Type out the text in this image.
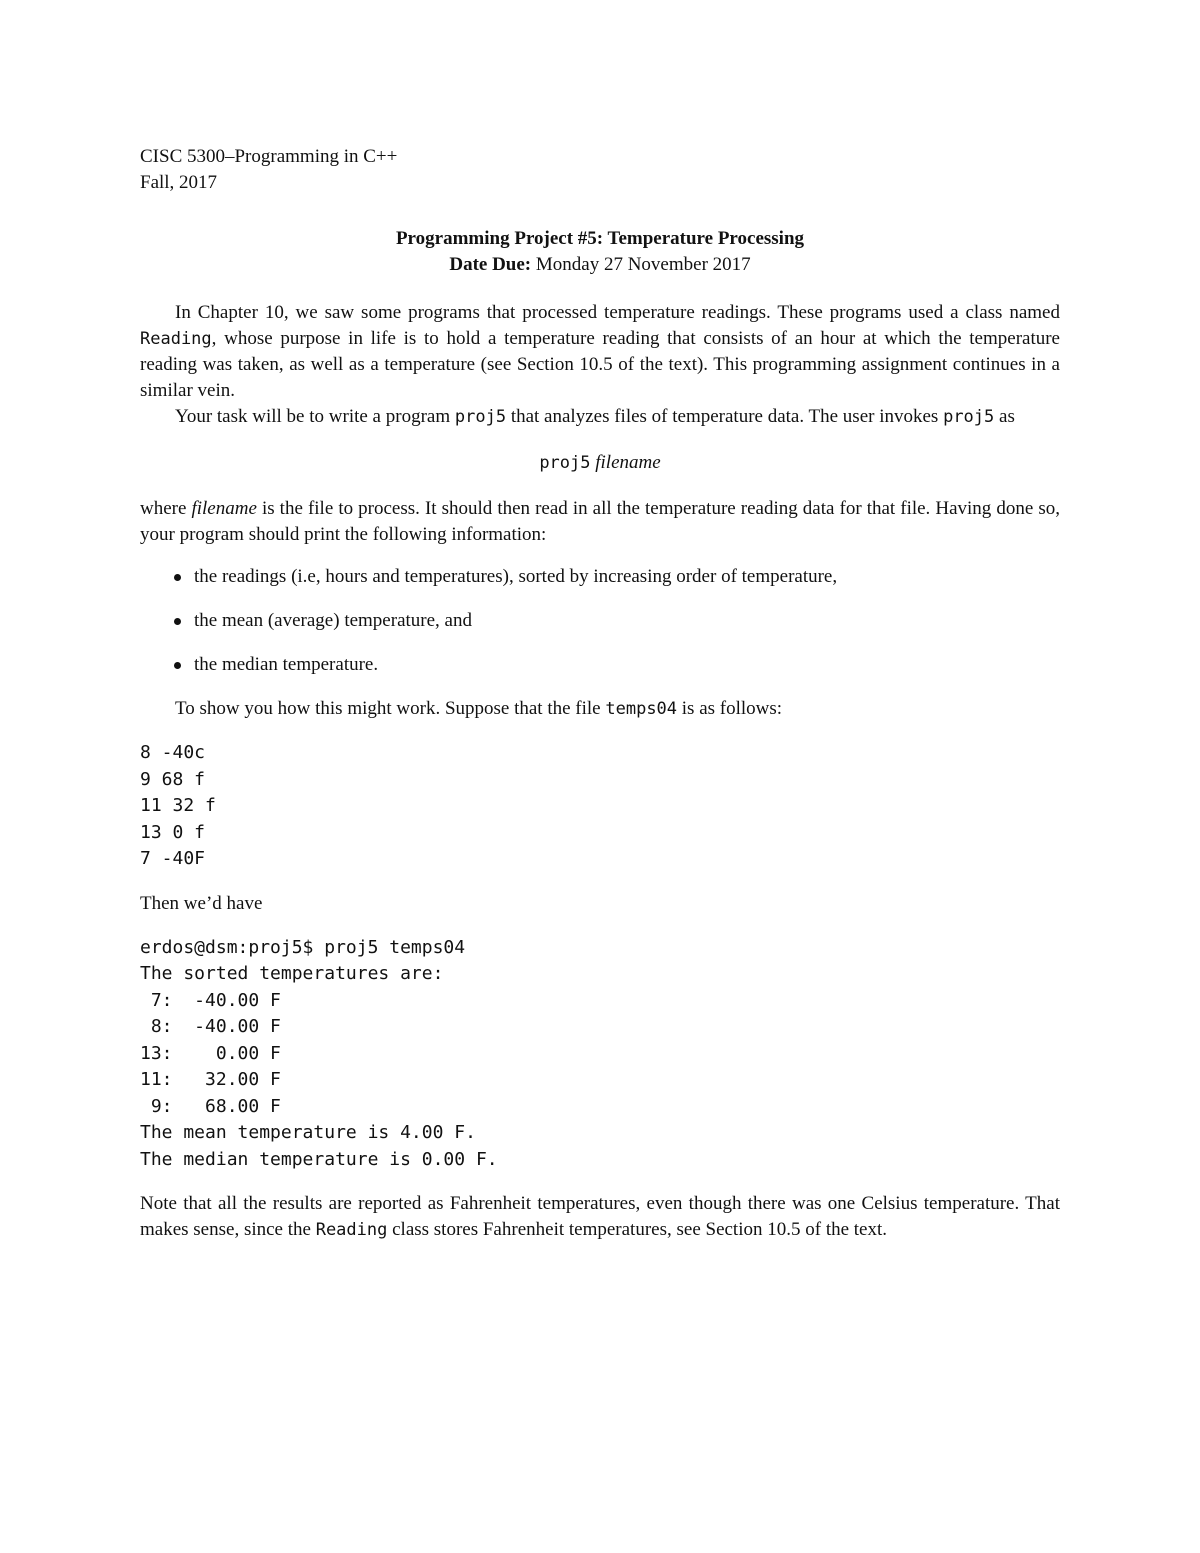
CISC 5300–Programming in C++
Fall, 2017
Programming Project #5: Temperature Processing
Date Due: Monday 27 November 2017

In Chapter 10, we saw some programs that processed temperature readings. These programs used a class named Reading, whose purpose in life is to hold a temperature reading that consists of an hour at which the temperature reading was taken, as well as a temperature (see Section 10.5 of the text). This programming assignment continues in a similar vein.

Your task will be to write a program proj5 that analyzes files of temperature data. The user invokes proj5 as

proj5 filename

where filename is the file to process. It should then read in all the temperature reading data for that file. Having done so, your program should print the following information:

the readings (i.e, hours and temperatures), sorted by increasing order of temperature,
the mean (average) temperature, and
the median temperature.

To show you how this might work. Suppose that the file temps04 is as follows:

8 -40c
9 68 f
11 32 f
13 0 f
7 -40F

Then we’d have

erdos@dsm:proj5$ proj5 temps04
The sorted temperatures are:
7:  -40.00 F
8:  -40.00 F
13:    0.00 F
11:   32.00 F
9:   68.00 F
The mean temperature is 4.00 F.
The median temperature is 0.00 F.

Note that all the results are reported as Fahrenheit temperatures, even though there was one Celsius temperature. That makes sense, since the Reading class stores Fahrenheit temperatures, see Section 10.5 of the text.
